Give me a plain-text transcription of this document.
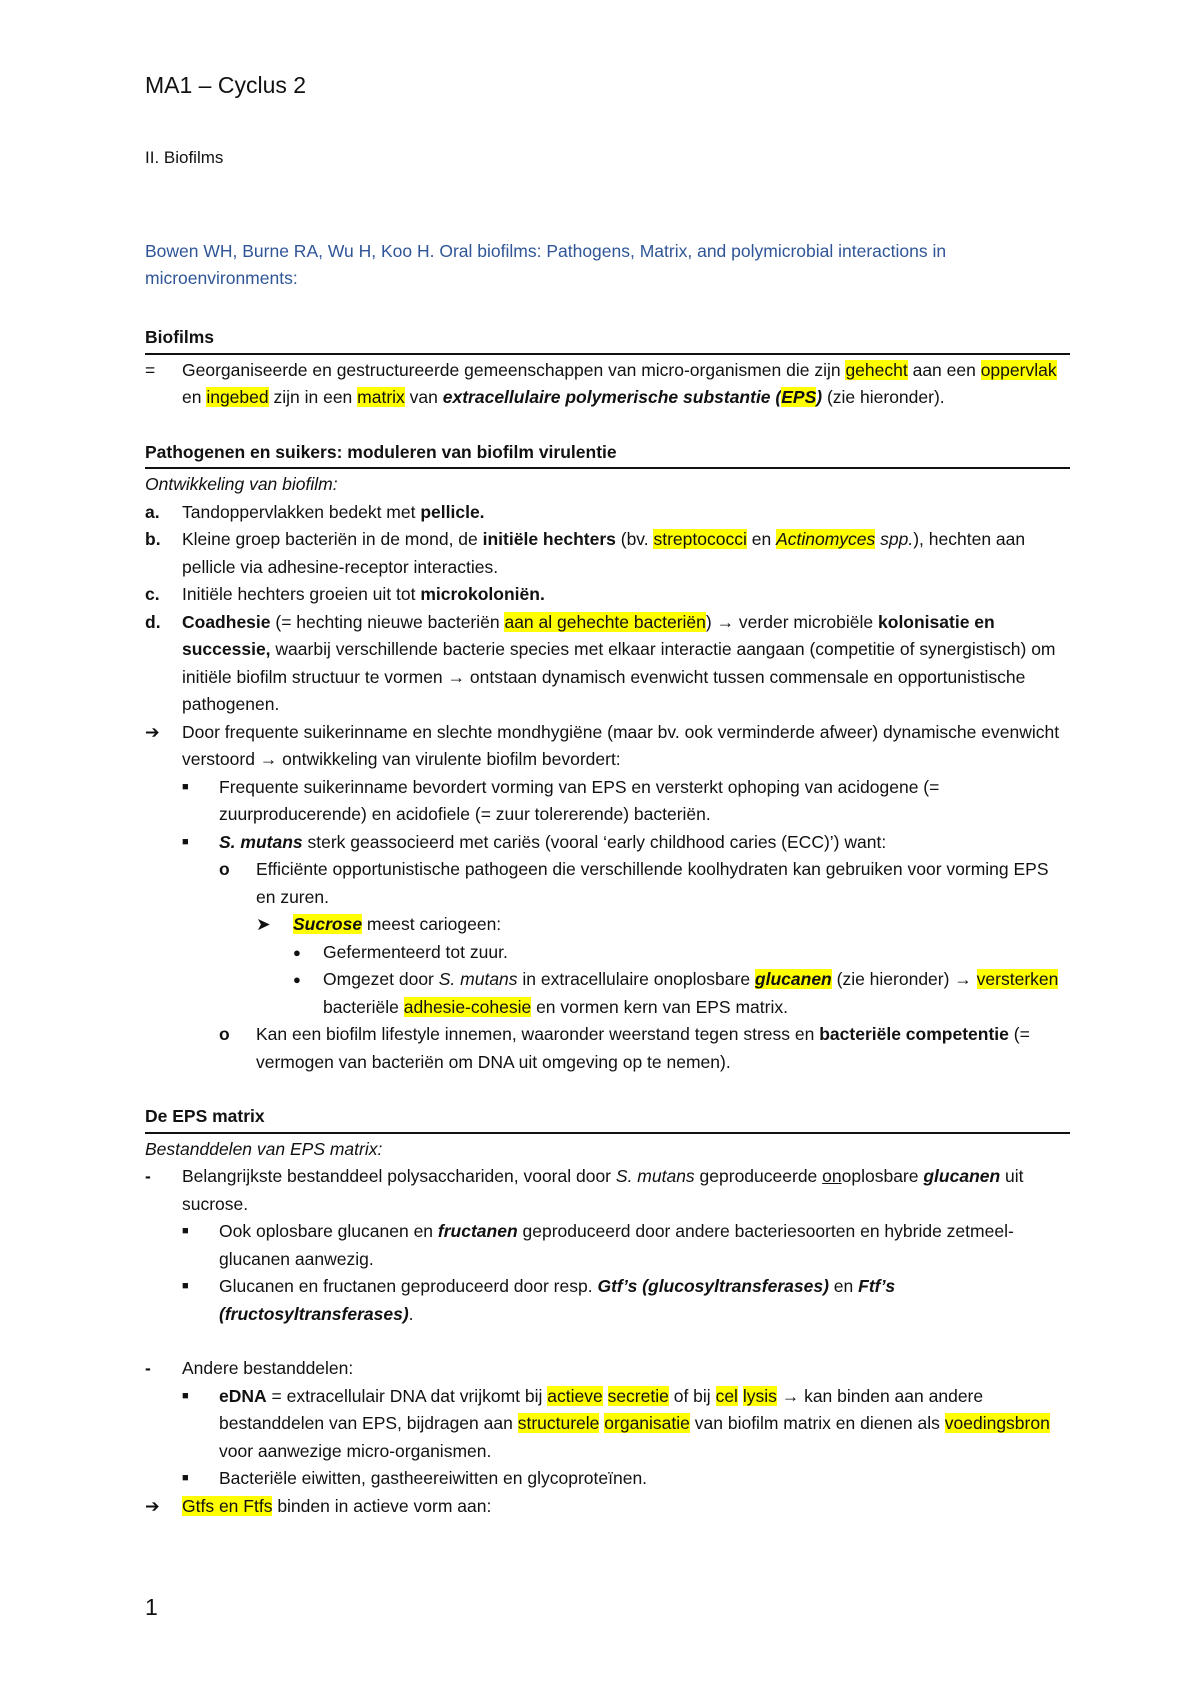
MA1 – Cyclus 2
II. Biofilms
Bowen WH, Burne RA, Wu H, Koo H. Oral biofilms: Pathogens, Matrix, and polymicrobial interactions in microenvironments:
Biofilms
=	Georganiseerde en gestructureerde gemeenschappen van micro-organismen die zijn gehecht aan een oppervlak en ingebed zijn in een matrix van extracellulaire polymerische substantie (EPS) (zie hieronder).
Pathogenen en suikers: moduleren van biofilm virulentie
Ontwikkeling van biofilm:
a.	Tandoppervlakken bedekt met pellicle.
b.	Kleine groep bacteriën in de mond, de initiële hechters (bv. streptococci en Actinomyces spp.), hechten aan pellicle via adhesine-receptor interacties.
c.	Initiële hechters groeien uit tot microkoloniën.
d.	Coadhesie (= hechting nieuwe bacteriën aan al gehechte bacteriën) → verder microbiële kolonisatie en successie, waarbij verschillende bacterie species met elkaar interactie aangaan (competitie of synergistisch) om initiële biofilm structuur te vormen → ontstaan dynamisch evenwicht tussen commensale en opportunistische pathogenen.
➔	Door frequente suikerinname en slechte mondhygiëne (maar bv. ook verminderde afweer) dynamische evenwicht verstoord → ontwikkeling van virulente biofilm bevordert:
■	Frequente suikerinname bevordert vorming van EPS en versterkt ophoping van acidogene (= zuurproducerende) en acidofiele (= zuur tolererende) bacteriën.
■	S. mutans sterk geassocieerd met cariës (vooral ‘early childhood caries (ECC)’) want:
o	Efficiënte opportunistische pathogeen die verschillende koolhydraten kan gebruiken voor vorming EPS en zuren.
➤	Sucrose meest cariogeen:
●	Gefermenteerd tot zuur.
●	Omgezet door S. mutans in extracellulaire onoplosbare glucanen (zie hieronder) → versterken bacteriële adhesie-cohesie en vormen kern van EPS matrix.
o	Kan een biofilm lifestyle innemen, waaronder weerstand tegen stress en bacteriële competentie (= vermogen van bacteriën om DNA uit omgeving op te nemen).
De EPS matrix
Bestanddelen van EPS matrix:
-	Belangrijkste bestanddeel polysacchariden, vooral door S. mutans geproduceerde onoplosbare glucanen uit sucrose.
■	Ook oplosbare glucanen en fructanen geproduceerd door andere bacteriesoorten en hybride zetmeel-glucanen aanwezig.
■	Glucanen en fructanen geproduceerd door resp. Gtf’s (glucosyltransferases) en Ftf’s (fructosyltransferases).
-	Andere bestanddelen:
■	eDNA = extracellulair DNA dat vrijkomt bij actieve secretie of bij cel lysis → kan binden aan andere bestanddelen van EPS, bijdragen aan structurele organisatie van biofilm matrix en dienen als voedingsbron voor aanwezige micro-organismen.
■	Bacteriële eiwitten, gastheereiwitten en glycoproteïnen.
➔	Gtfs en Ftfs binden in actieve vorm aan:
1
